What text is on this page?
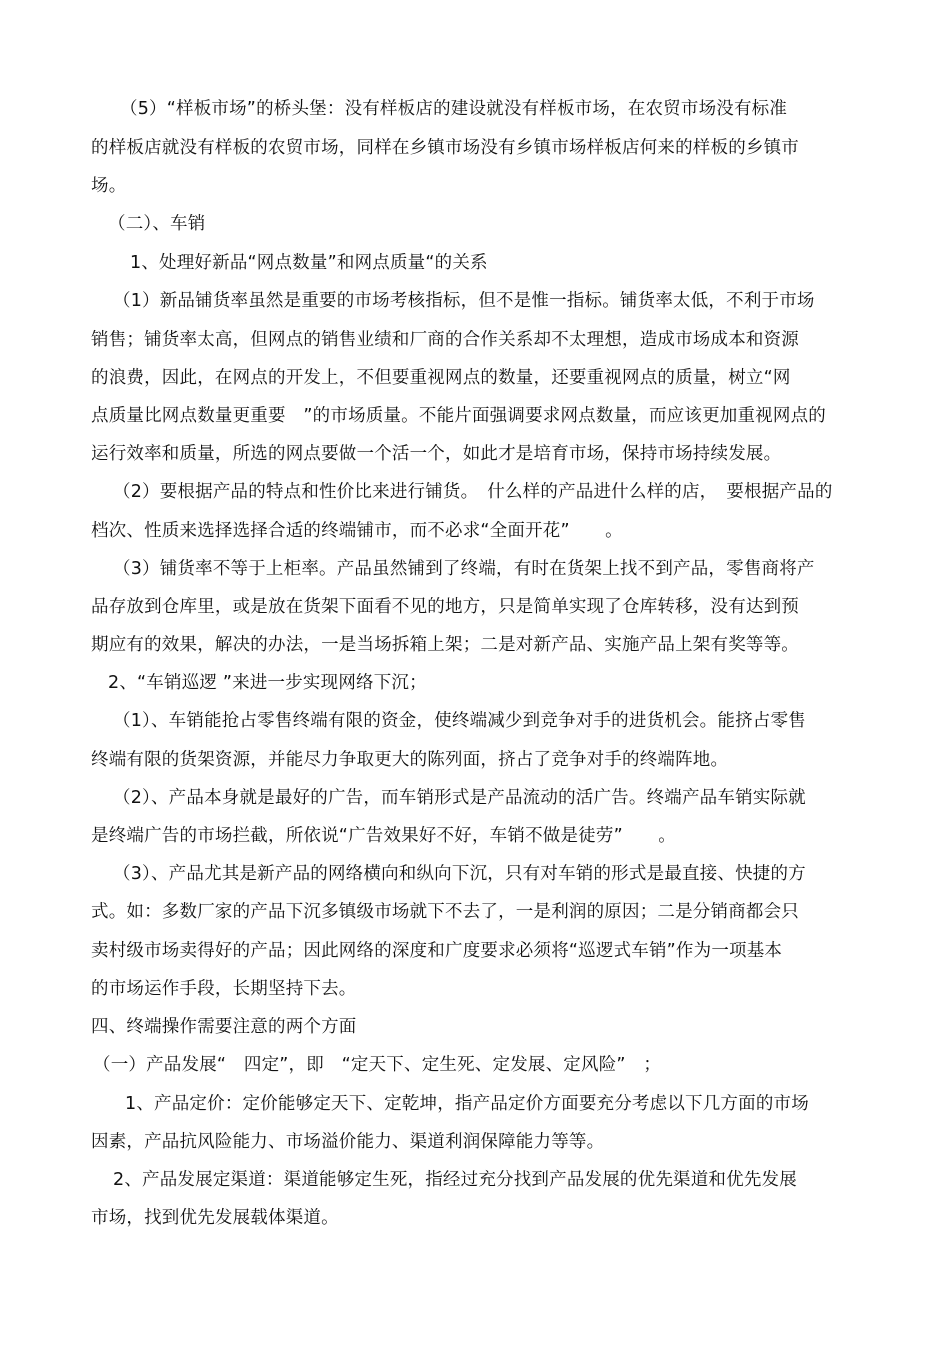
（5）“样板市场”的桥头堡：没有样板店的建设就没有样板市场，在农贸市场没有标准
的样板店就没有样板的农贸市场，同样在乡镇市场没有乡镇市场样板店何来的样板的乡镇市
场。
（二）、车销
1、处理好新品“网点数量”和网点质量“的关系
（1）新品铺货率虽然是重要的市场考核指标，但不是惟一指标。铺货率太低，不利于市场
销售；铺货率太高，但网点的销售业绩和厂商的合作关系却不太理想，造成市场成本和资源
的浪费，因此，在网点的开发上，不但要重视网点的数量，还要重视网点的质量，树立“网
点质量比网点数量更重要　”的市场质量。不能片面强调要求网点数量，而应该更加重视网点的
运行效率和质量，所选的网点要做一个活一个，如此才是培育市场，保持市场持续发展。
（2）要根据产品的特点和性价比来进行铺货。　什么样的产品进什么样的店，　要根据产品的
档次、性质来选择选择合适的终端铺市，而不必求“全面开花”　　。
（3）铺货率不等于上柜率。产品虽然铺到了终端，有时在货架上找不到产品，零售商将产
品存放到仓库里，或是放在货架下面看不见的地方，只是简单实现了仓库转移，没有达到预
期应有的效果，解决的办法，一是当场拆箱上架；二是对新产品、实施产品上架有奖等等。
2、“车销巡逻 ”来进一步实现网络下沉；
（1）、车销能抢占零售终端有限的资金，使终端减少到竞争对手的进货机会。能挤占零售
终端有限的货架资源，并能尽力争取更大的陈列面，挤占了竞争对手的终端阵地。
（2）、产品本身就是最好的广告，而车销形式是产品流动的活广告。终端产品车销实际就
是终端广告的市场拦截，所依说“广告效果好不好，车销不做是徒劳”　　。
（3）、产品尤其是新产品的网络横向和纵向下沉，只有对车销的形式是最直接、快捷的方
式。如：多数厂家的产品下沉多镇级市场就下不去了，一是利润的原因；二是分销商都会只
卖村级市场卖得好的产品；因此网络的深度和广度要求必须将“巡逻式车销”作为一项基本
的市场运作手段，长期坚持下去。
四、终端操作需要注意的两个方面
（一）产品发展“　四定”，即　“定天下、定生死、定发展、定风险”　；
1、产品定价：定价能够定天下、定乾坤，指产品定价方面要充分考虑以下几方面的市场
因素，产品抗风险能力、市场溢价能力、渠道利润保障能力等等。
2、产品发展定渠道：渠道能够定生死，指经过充分找到产品发展的优先渠道和优先发展
市场，找到优先发展载体渠道。
